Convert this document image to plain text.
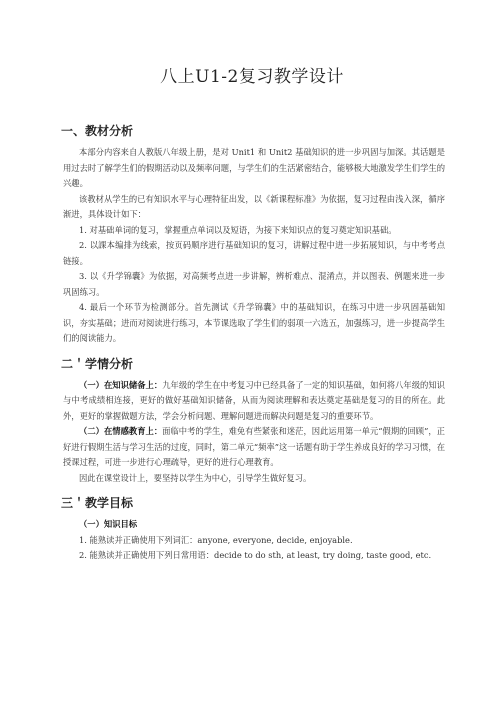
八上U1-2复习教学设计
一、教材分析

本部分内容来自人教版八年级上册，是对 Unit1 和 Unit2 基础知识的进一步巩固与加深。其话题是用过去时了解学生们的假期活动以及频率问题，与学生们的生活紧密结合，能够极大地激发学生们学生的兴趣。

该教材从学生的已有知识水平与心理特征出发，以《新课程标准》为依据，复习过程由浅入深，循序渐进，具体设计如下：

1. 对基础单词的复习，掌握重点单词以及短语，为接下来知识点的复习奠定知识基础。

2. 以課本编排为线索，按页码顺序进行基础知识的复习，讲解过程中进一步拓展知识，与中考考点链接。

3. 以《升学锦囊》为依据，对高频考点进一步讲解，辨析难点、混淆点，并以图表、例题来进一步巩固练习。

4. 最后一个环节为检测部分。首先测试《升学锦囊》中的基础知识，在练习中进一步巩固基础知识，夯实基础；进而对阅读进行练习，本节课选取了学生们的弱项一六选五，加强练习，进一步提高学生们的阅读能力。

二＇学情分析

（一）在知识储备上：九年级的学生在中考复习中已经具备了一定的知识基础，如何将八年级的知识与中考成绩相连接，更好的做好基础知识储备，从而为阅读理解和表达奠定基础是复习的目的所在。此外，更好的掌握做题方法，学会分析问题、理解问题进而解决问题是复习的重要环节。

（二）在情感教育上：面临中考的学生，难免有些紧张和迷茫，因此运用第一单元“假期的回顾”，正好进行假期生活与学习生活的过度，同时，第二单元“频率”这一话题有助于学生养成良好的学习习惯，在授课过程，可进一步进行心理疏导，更好的进行心理教育。

因此在课堂设计上，要坚持以学生为中心，引导学生做好复习。

三＇教学目标

（一）知识目标

1. 能熟读并正确使用下列词汇：anyone, everyone, decide, enjoyable.

2. 能熟读并正确使用下列日常用语：decide to do sth, at least, try doing, taste good, etc.
